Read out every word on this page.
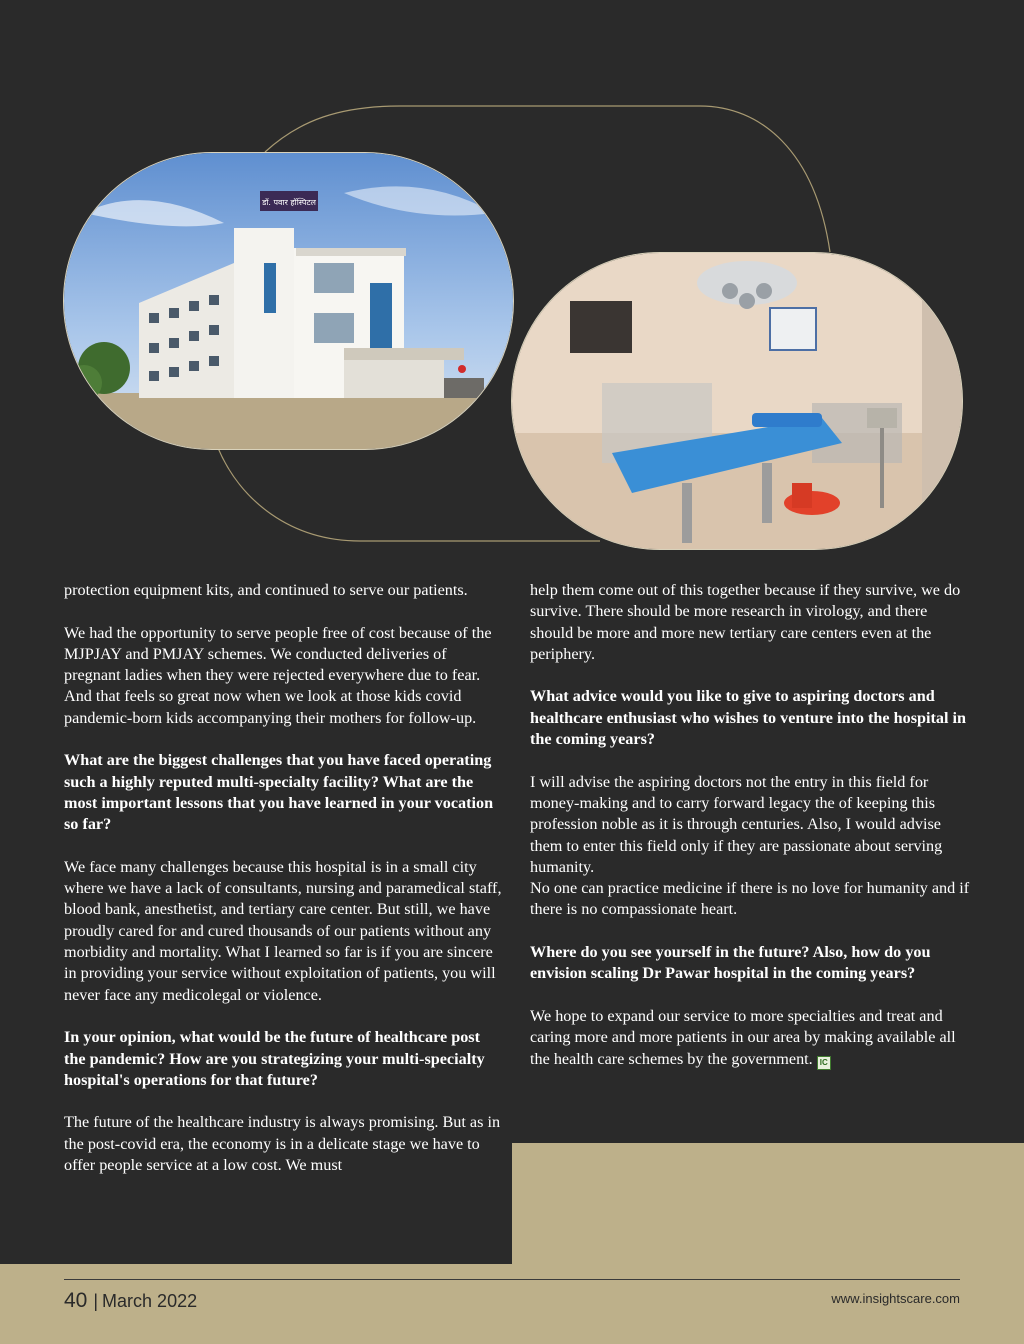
डॉ. पवार हॉस्पिटल

protection equipment kits, and continued to serve our patients.

We had the opportunity to serve people free of cost because of the MJPJAY and PMJAY schemes. We conducted deliveries of pregnant ladies when they were rejected everywhere due to fear. And that feels so great now when we look at those kids covid pandemic-born kids accompanying their mothers for follow-up.

What are the biggest challenges that you have faced operating such a highly reputed multi-specialty facility? What are the most important lessons that you have learned in your vocation so far?

We face many challenges because this hospital is in a small city where we have a lack of consultants, nursing and paramedical staff, blood bank, anesthetist, and tertiary care center. But still, we have proudly cared for and cured thousands of our patients without any morbidity and mortality. What I learned so far is if you are sincere in providing your service without exploitation of patients, you will never face any medicolegal or violence.

In your opinion, what would be the future of healthcare post the pandemic? How are you strategizing your multi-specialty hospital's operations for that future?

The future of the healthcare industry is always promising. But as in the post-covid era, the economy is in a delicate stage we have to offer people service at a low cost. We must

help them come out of this together because if they survive, we do survive. There should be more research in virology, and there should be more and more new tertiary care centers even at the periphery.

What advice would you like to give to aspiring doctors and healthcare enthusiast who wishes to venture into the hospital in the coming years?

I will advise the aspiring doctors not the entry in this field for money-making and to carry forward legacy the of keeping this profession noble as it is through centuries. Also, I would advise them to enter this field only if they are passionate about serving humanity.

No one can practice medicine if there is no love for humanity and if there is no compassionate heart.

Where do you see yourself in the future? Also, how do you envision scaling Dr Pawar hospital in the coming years?

We hope to expand our service to more specialties and treat and caring more and more patients in our area by making available all the health care schemes by the government. IC

40 | March 2022	www.insightscare.com
